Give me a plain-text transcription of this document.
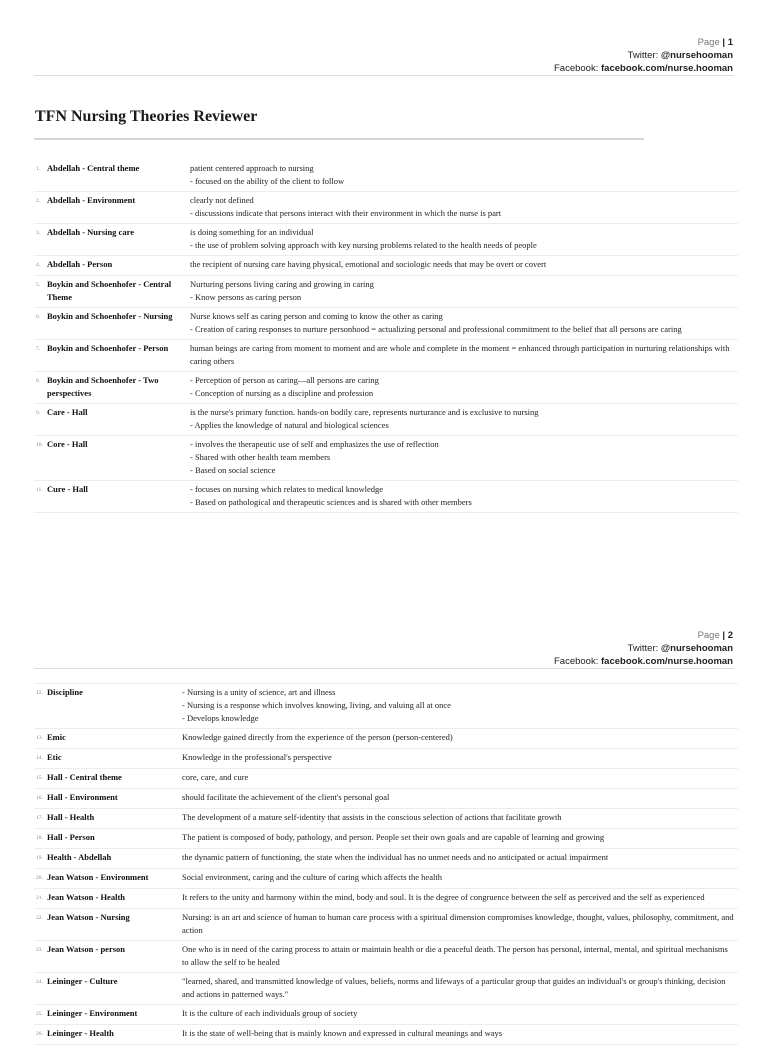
Page | 1
Twitter: @nursehooman
Facebook: facebook.com/nurse.hooman
TFN Nursing Theories Reviewer
1.	Abdellah - Central theme	patient centered approach to nursing
- focused on the ability of the client to follow
2.	Abdellah - Environment	clearly not defined
- discussions indicate that persons interact with their environment in which the nurse is part
3.	Abdellah - Nursing care	is doing something for an individual
- the use of problem solving approach with key nursing problems related to the health needs of people
4.	Abdellah - Person	the recipient of nursing care having physical, emotional and sociologic needs that may be overt or covert
5.	Boykin and Schoenhofer - Central Theme	Nurturing persons living caring and growing in caring
- Know persons as caring person
6.	Boykin and Schoenhofer - Nursing	Nurse knows self as caring person and coming to know the other as caring
- Creation of caring responses to nurture personhood = actualizing personal and professional commitment to the belief that all persons are caring
7.	Boykin and Schoenhofer - Person	human beings are caring from moment to moment and are whole and complete in the moment = enhanced through participation in nurturing relationships with caring others
8.	Boykin and Schoenhofer - Two perspectives	- Perception of person as caring—all persons are caring
- Conception of nursing as a discipline and profession
9.	Care - Hall	is the nurse's primary function. hands-on bodily care, represents nurturance and is exclusive to nursing
- Applies the knowledge of natural and biological sciences
10.	Core - Hall	- involves the therapeutic use of self and emphasizes the use of reflection
- Shared with other health team members
- Based on social science
11.	Cure - Hall	- focuses on nursing which relates to medical knowledge
- Based on pathological and therapeutic sciences and is shared with other members
Page | 2
Twitter: @nursehooman
Facebook: facebook.com/nurse.hooman
12.	Discipline	- Nursing is a unity of science, art and illness
- Nursing is a response which involves knowing, living, and valuing all at once
- Develops knowledge
13.	Emic	Knowledge gained directly from the experience of the person (person-centered)
14.	Etic	Knowledge in the professional's perspective
15.	Hall - Central theme	core, care, and cure
16.	Hall - Environment	should facilitate the achievement of the client's personal goal
17.	Hall - Health	The development of a mature self-identity that assists in the conscious selection of actions that facilitate growth
18.	Hall - Person	The patient is composed of body, pathology, and person. People set their own goals and are capable of learning and growing
19.	Health - Abdellah	the dynamic pattern of functioning, the state when the individual has no unmet needs and no anticipated or actual impairment
20.	Jean Watson - Environment	Social environment, caring and the culture of caring which affects the health
21.	Jean Watson - Health	It refers to the unity and harmony within the mind, body and soul. It is the degree of congruence between the self as perceived and the self as experienced
22.	Jean Watson - Nursing	Nursing: is an art and science of human to human care process with a spiritual dimension compromises knowledge, thought, values, philosophy, commitment, and action
23.	Jean Watson - person	One who is in need of the caring process to attain or maintain health or die a peaceful death. The person has personal, internal, mental, and spiritual mechanisms to allow the self to be healed
24.	Leininger - Culture	"learned, shared, and transmitted knowledge of values, beliefs, norms and lifeways of a particular group that guides an individual's or group's thinking, decision and actions in patterned ways."
25.	Leininger - Environment	It is the culture of each individuals group of society
26.	Leininger - Health	It is the state of well-being that is mainly known and expressed in cultural meanings and ways
